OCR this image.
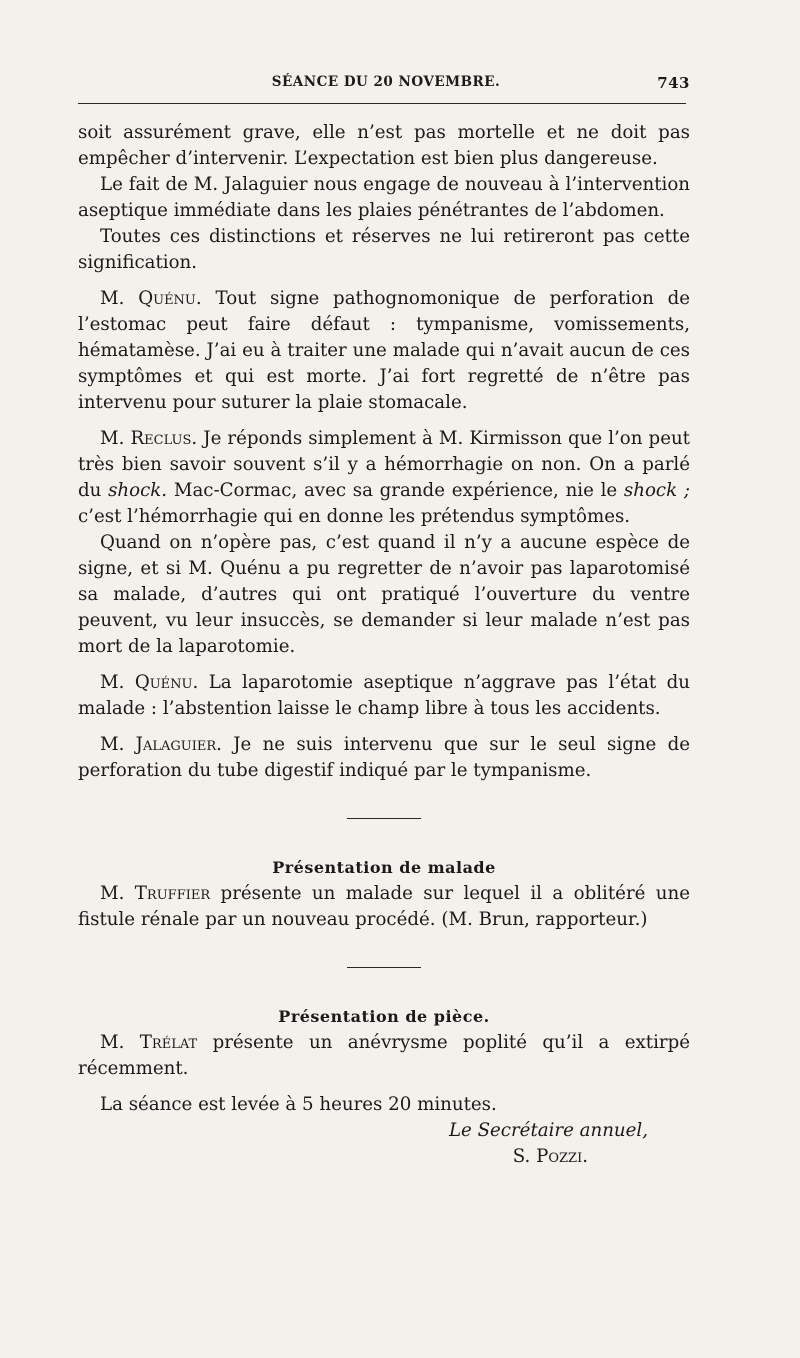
SÉANCE DU 20 NOVEMBRE.	743

soit assurément grave, elle n’est pas mortelle et ne doit pas empêcher d’intervenir. L’expectation est bien plus dangereuse.

Le fait de M. Jalaguier nous engage de nouveau à l’intervention aseptique immédiate dans les plaies pénétrantes de l’abdomen.

Toutes ces distinctions et réserves ne lui retireront pas cette signification.

M. Quénu. Tout signe pathognomonique de perforation de l’estomac peut faire défaut : tympanisme, vomissements, hématamèse. J’ai eu à traiter une malade qui n’avait aucun de ces symptômes et qui est morte. J’ai fort regretté de n’être pas intervenu pour suturer la plaie stomacale.

M. Reclus. Je réponds simplement à M. Kirmisson que l’on peut très bien savoir souvent s’il y a hémorrhagie on non. On a parlé du shock. Mac-Cormac, avec sa grande expérience, nie le shock ; c’est l’hémorrhagie qui en donne les prétendus symptômes.

Quand on n’opère pas, c’est quand il n’y a aucune espèce de signe, et si M. Quénu a pu regretter de n’avoir pas laparotomisé sa malade, d’autres qui ont pratiqué l’ouverture du ventre peuvent, vu leur insuccès, se demander si leur malade n’est pas mort de la laparotomie.

M. Quénu. La laparotomie aseptique n’aggrave pas l’état du malade : l’abstention laisse le champ libre à tous les accidents.

M. Jalaguier. Je ne suis intervenu que sur le seul signe de perforation du tube digestif indiqué par le tympanisme.

Présentation de malade

M. Truffier présente un malade sur lequel il a oblitéré une fistule rénale par un nouveau procédé. (M. Brun, rapporteur.)

Présentation de pièce.

M. Trélat présente un anévrysme poplité qu’il a extirpé récemment.

La séance est levée à 5 heures 20 minutes.

Le Secrétaire annuel,

S. Pozzi.
